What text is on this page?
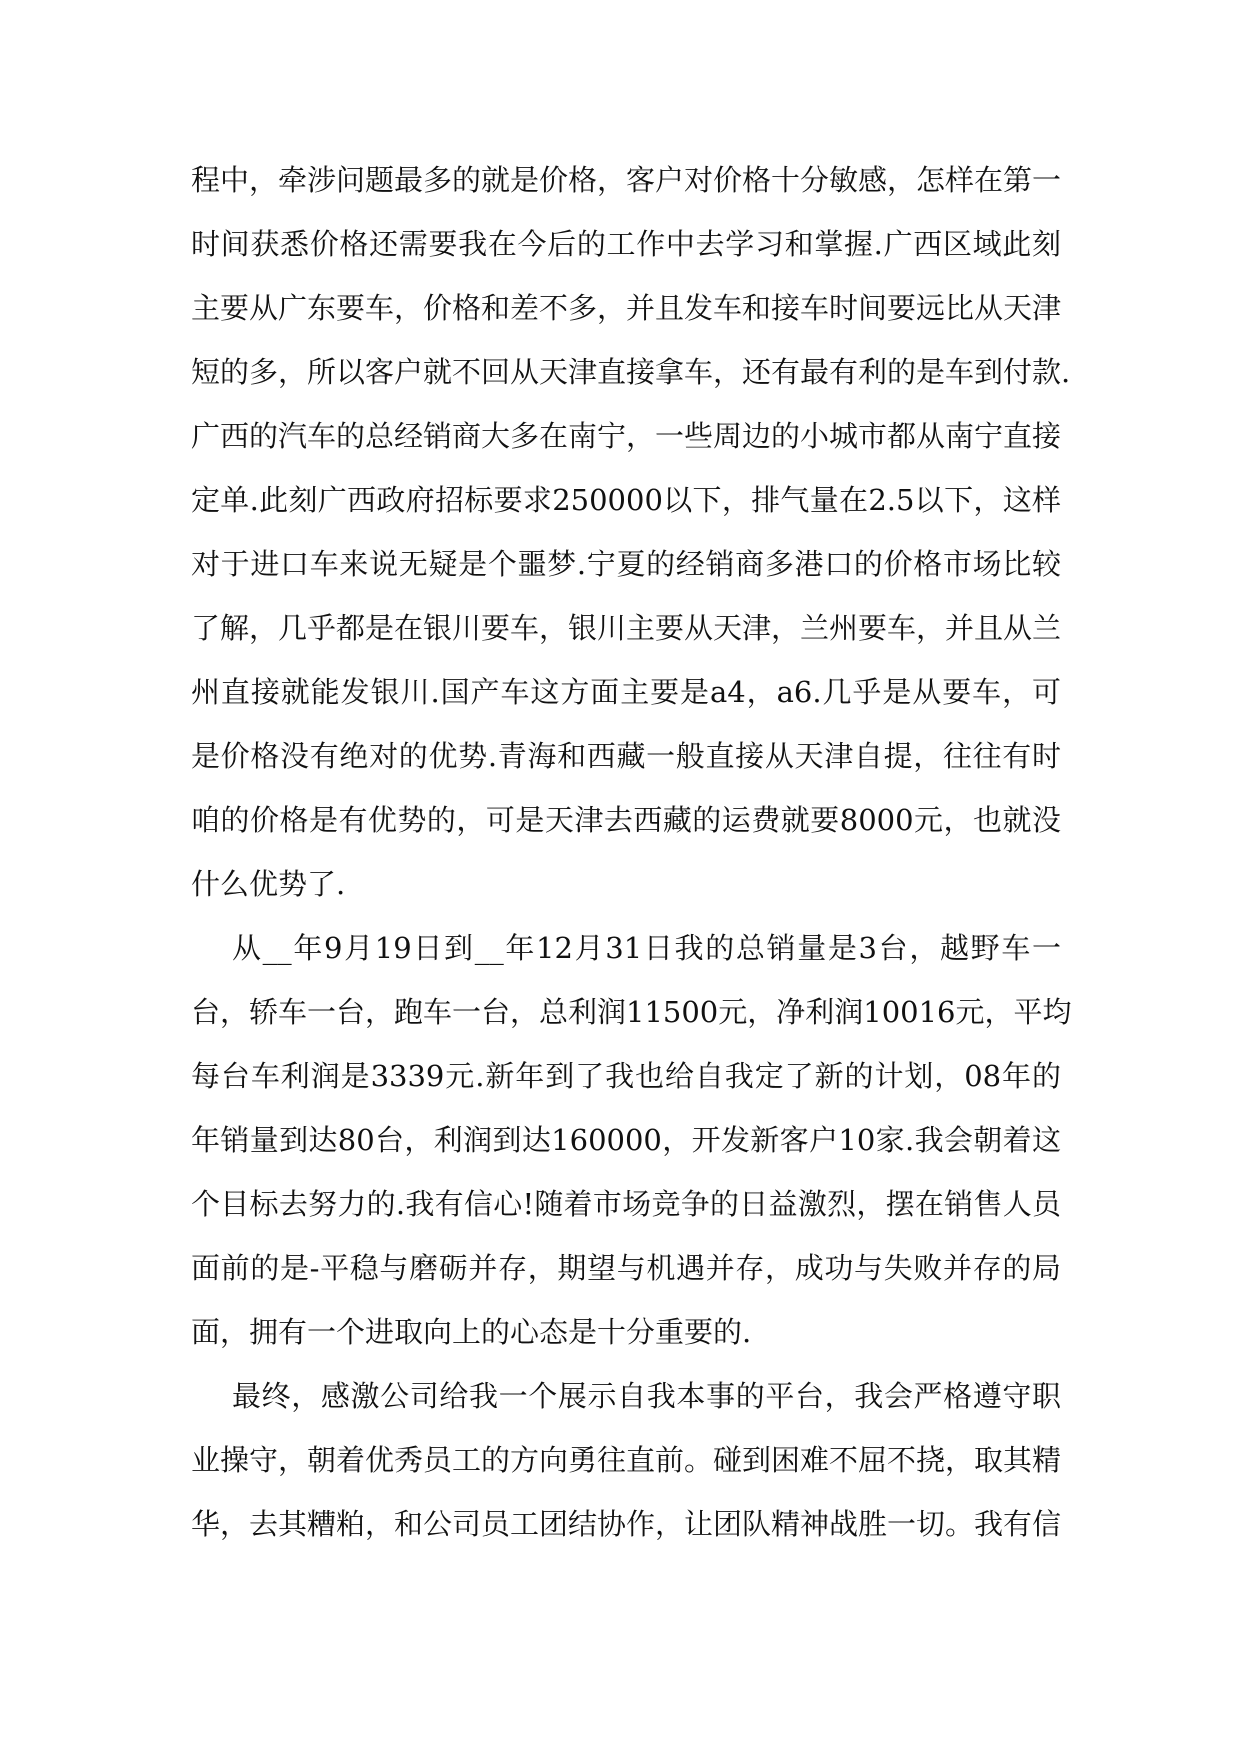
程中，牵涉问题最多的就是价格，客户对价格十分敏感，怎样在第一
时间获悉价格还需要我在今后的工作中去学习和掌握.广西区域此刻
主要从广东要车，价格和差不多，并且发车和接车时间要远比从天津
短的多，所以客户就不回从天津直接拿车，还有最有利的是车到付款.
广西的汽车的总经销商大多在南宁，一些周边的小城市都从南宁直接
定单.此刻广西政府招标要求250000以下，排气量在2.5以下，这样
对于进口车来说无疑是个噩梦.宁夏的经销商多港口的价格市场比较
了解，几乎都是在银川要车，银川主要从天津，兰州要车，并且从兰
州直接就能发银川.国产车这方面主要是a4，a6.几乎是从要车，可
是价格没有绝对的优势.青海和西藏一般直接从天津自提，往往有时
咱的价格是有优势的，可是天津去西藏的运费就要8000元，也就没
什么优势了.
从__年9月19日到__年12月31日我的总销量是3台，越野车一
台，轿车一台，跑车一台，总利润11500元，净利润10016元，平均
每台车利润是3339元.新年到了我也给自我定了新的计划，08年的
年销量到达80台，利润到达160000，开发新客户10家.我会朝着这
个目标去努力的.我有信心!随着市场竞争的日益激烈，摆在销售人员
面前的是-平稳与磨砺并存，期望与机遇并存，成功与失败并存的局
面，拥有一个进取向上的心态是十分重要的.
最终，感激公司给我一个展示自我本事的平台，我会严格遵守职
业操守，朝着优秀员工的方向勇往直前。碰到困难不屈不挠，取其精
华，去其糟粕，和公司员工团结协作，让团队精神战胜一切。我有信
